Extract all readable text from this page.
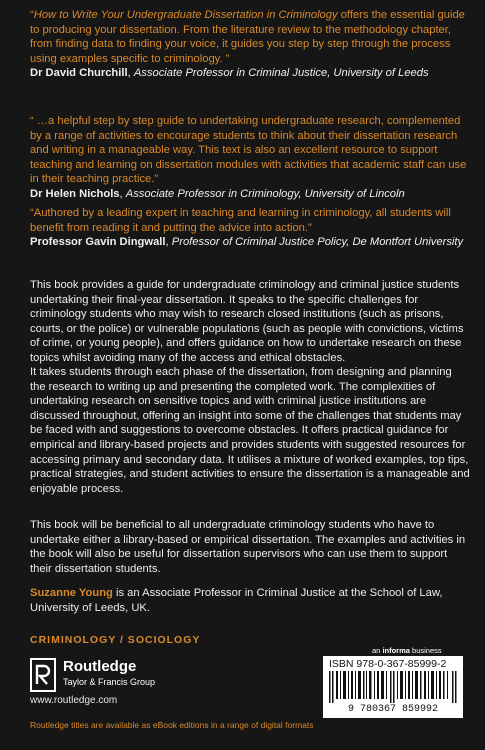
“How to Write Your Undergraduate Dissertation in Criminology offers the essential guide to producing your dissertation. From the literature review to the methodology chapter, from finding data to finding your voice, it guides you step by step through the process using examples specific to criminology. ”
Dr David Churchill, Associate Professor in Criminal Justice, University of Leeds
“ …a helpful step by step guide to undertaking undergraduate research, complemented by a range of activities to encourage students to think about their dissertation research and writing in a manageable way. This text is also an excellent resource to support teaching and learning on dissertation modules with activities that academic staff can use in their teaching practice.”
Dr Helen Nichols, Associate Professor in Criminology, University of Lincoln
“Authored by a leading expert in teaching and learning in criminology, all students will benefit from reading it and putting the advice into action.”
Professor Gavin Dingwall, Professor of Criminal Justice Policy, De Montfort University
This book provides a guide for undergraduate criminology and criminal justice students undertaking their final-year dissertation. It speaks to the specific challenges for criminology students who may wish to research closed institutions (such as prisons, courts, or the police) or vulnerable populations (such as people with convictions, victims of crime, or young people), and offers guidance on how to undertake research on these topics whilst avoiding many of the access and ethical obstacles.
It takes students through each phase of the dissertation, from designing and planning the research to writing up and presenting the completed work. The complexities of undertaking research on sensitive topics and with criminal justice institutions are discussed throughout, offering an insight into some of the challenges that students may be faced with and suggestions to overcome obstacles. It offers practical guidance for empirical and library-based projects and provides students with suggested resources for accessing primary and secondary data. It utilises a mixture of worked examples, top tips, practical strategies, and student activities to ensure the dissertation is a manageable and enjoyable process.
This book will be beneficial to all undergraduate criminology students who have to undertake either a library-based or empirical dissertation. The examples and activities in the book will also be useful for dissertation supervisors who can use them to support their dissertation students.
Suzanne Young is an Associate Professor in Criminal Justice at the School of Law, University of Leeds, UK.
CRIMINOLOGY / SOCIOLOGY
Routledge
Taylor & Francis Group
www.routledge.com
an informa business
ISBN 978-0-367-85999-2
9 780367 859992
Routledge titles are available as eBook editions in a range of digital formats
